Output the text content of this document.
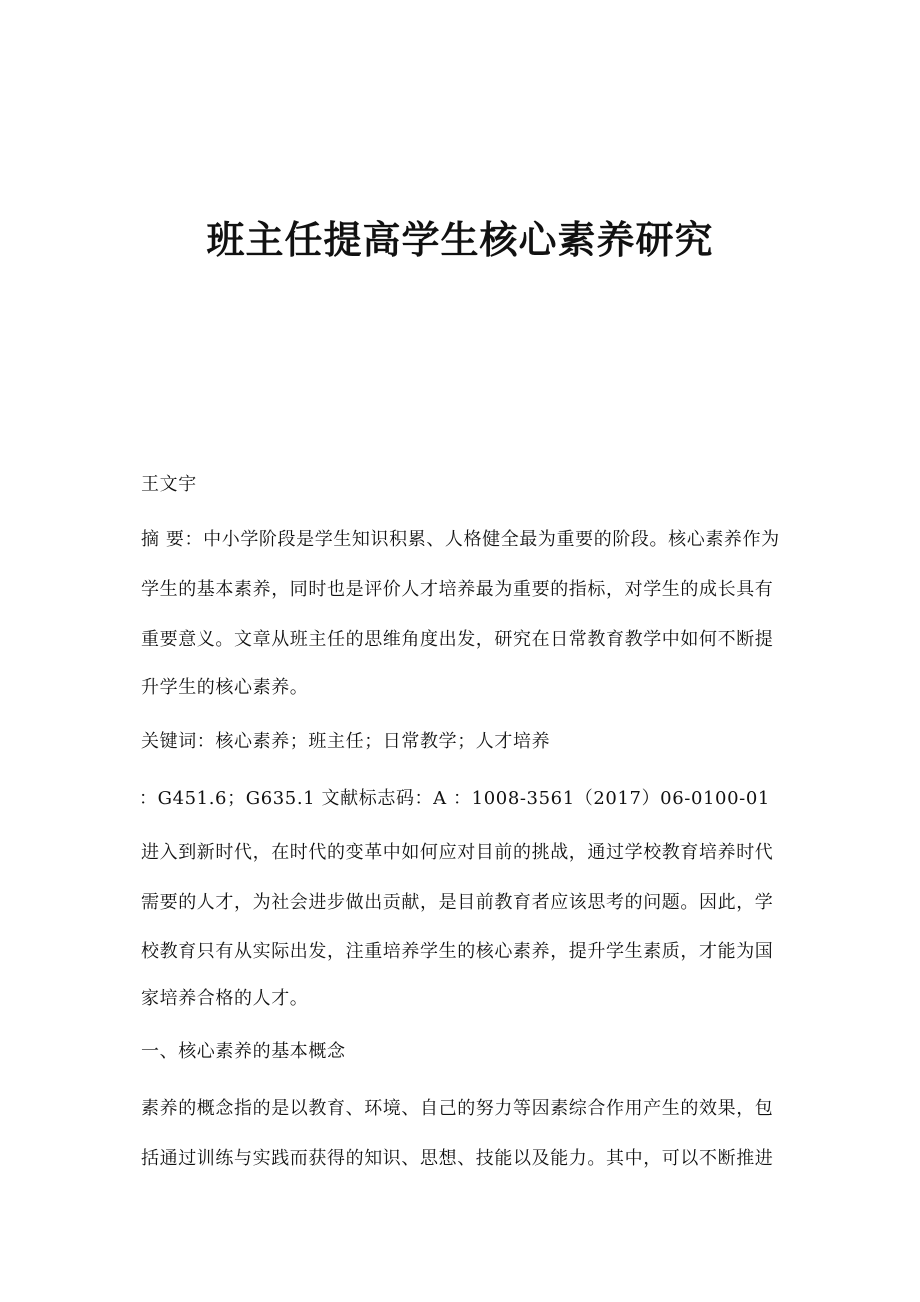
班主任提高学生核心素养研究
王文宇
摘 要：中小学阶段是学生知识积累、人格健全最为重要的阶段。核心素养作为
学生的基本素养，同时也是评价人才培养最为重要的指标，对学生的成长具有
重要意义。文章从班主任的思维角度出发，研究在日常教育教学中如何不断提
升学生的核心素养。
关键词：核心素养；班主任；日常教学；人才培养
：G451.6；G635.1 文献标志码：A ：1008-3561（2017）06-0100-01
进入到新时代，在时代的变革中如何应对目前的挑战，通过学校教育培养时代
需要的人才，为社会进步做出贡献，是目前教育者应该思考的问题。因此，学
校教育只有从实际出发，注重培养学生的核心素养，提升学生素质，才能为国
家培养合格的人才。
一、核心素养的基本概念
素养的概念指的是以教育、环境、自己的努力等因素综合作用产生的效果，包
括通过训练与实践而获得的知识、思想、技能以及能力。其中，可以不断推进
